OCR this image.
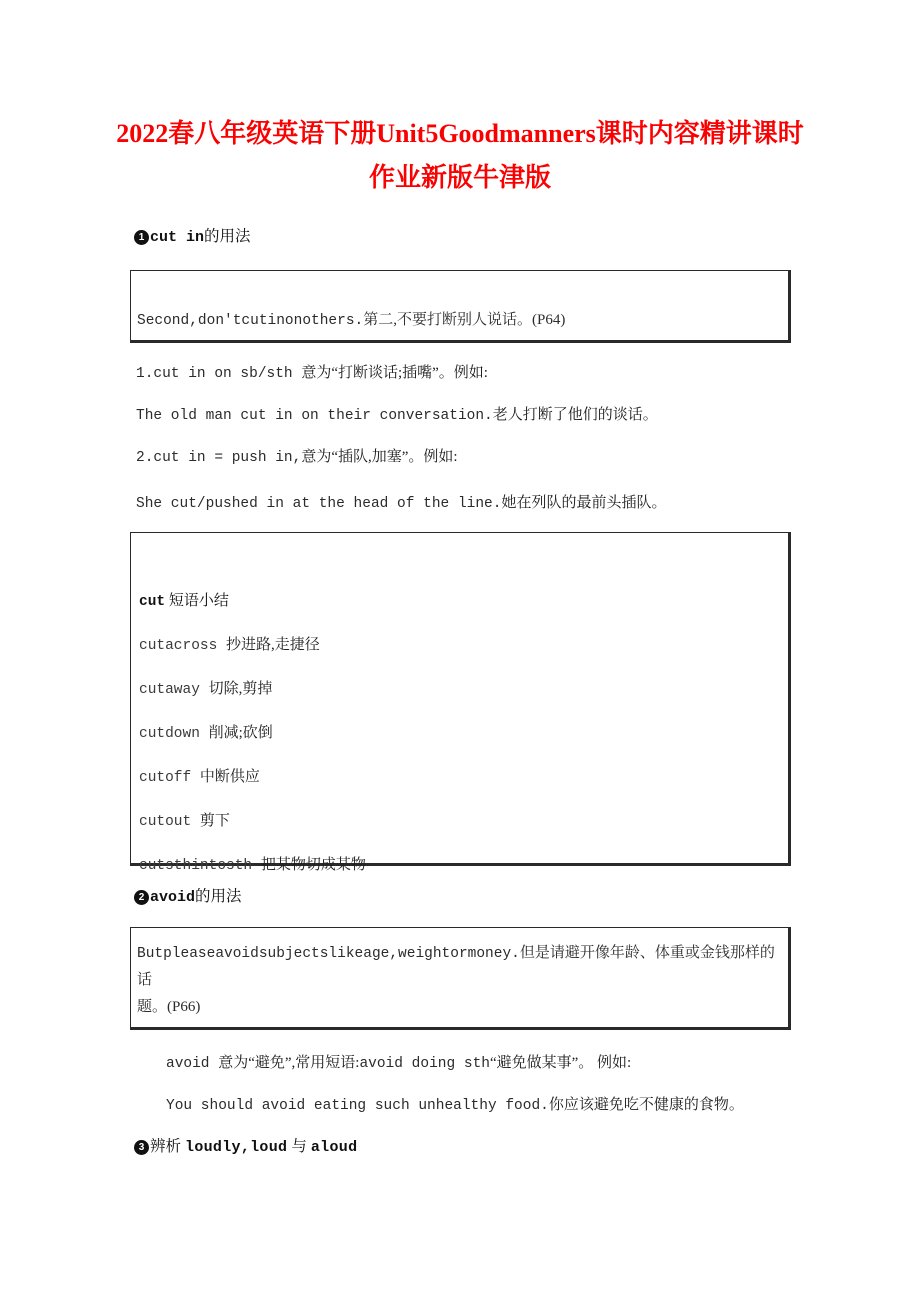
2022春八年级英语下册Unit5Goodmanners课时内容精讲课时作业新版牛津版
1 cut in的用法
Second,don'tcutinonothers.第二,不要打断别人说话。(P64)
1.cut in on sb/sth 意为“打断谈话;插嘴”。例如:
The old man cut in on their conversation.老人打断了他们的谈话。
2.cut in = push in,意为“插队,加塞”。例如:
She cut/pushed in at the head of the line.她在列队的最前头插队。
cut 短语小结
cutacross 抄进路,走捷径
cutaway 切除,剪掉
cutdown 削减;砍倒
cutoff 中断供应
cutout 剪下
cutsthintosth 把某物切成某物
2 avoid的用法
Butpleaseavoidsubjectslikeage,weightormoney.但是请避开像年龄、体重或金钱那样的话
题。(P66)
avoid 意为“避免”,常用短语:avoid doing sth“避免做某事”。 例如:
You should avoid eating such unhealthy food.你应该避免吃不健康的食物。
3 辨析 loudly,loud 与 aloud
